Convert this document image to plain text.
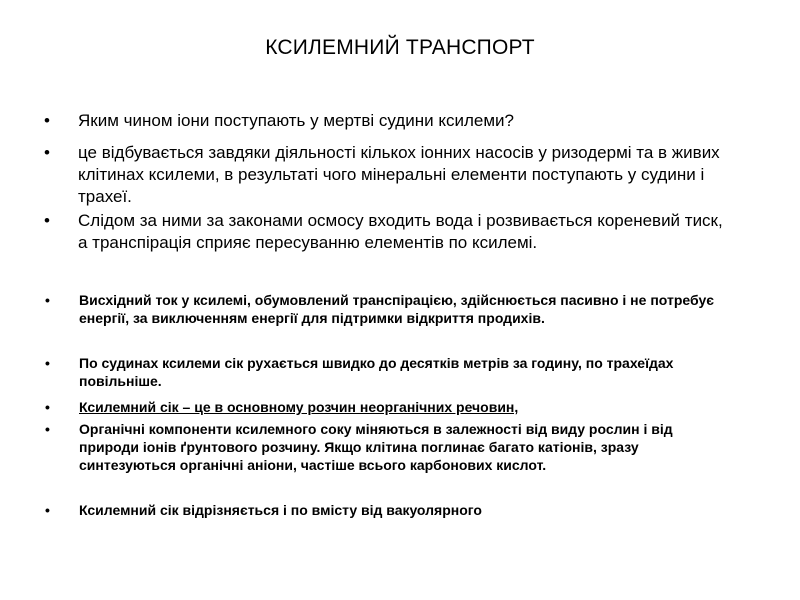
КСИЛЕМНИЙ ТРАНСПОРТ
• Яким чином іони поступають у мертві судини ксилеми?
• це відбувається завдяки діяльності кількох іонних насосів у ризодермі та в живих клітинах ксилеми, в результаті чого мінеральні елементи поступають у судини і трахеї.
• Слідом за ними за законами осмосу входить вода і розвивається кореневий тиск, а транспірація сприяє пересуванню елементів по ксилемі.
• Висхідний ток у ксилемі, обумовлений транспірацією, здійснюється пасивно і не потребує енергії, за виключенням енергії для підтримки відкриття продихів.
• По судинах ксилеми сік рухається швидко до десятків метрів за годину, по трахеїдах повільніше.
• Ксилемний сік – це в основному розчин неорганічних речовин,
• Органічні компоненти ксилемного соку міняються в залежності від виду рослин і від природи іонів ґрунтового розчину. Якщо клітина поглинає багато катіонів, зразу синтезуються органічні аніони, частіше всього карбонових кислот.
• Ксилемний сік відрізняється і по вмісту від вакуолярного
